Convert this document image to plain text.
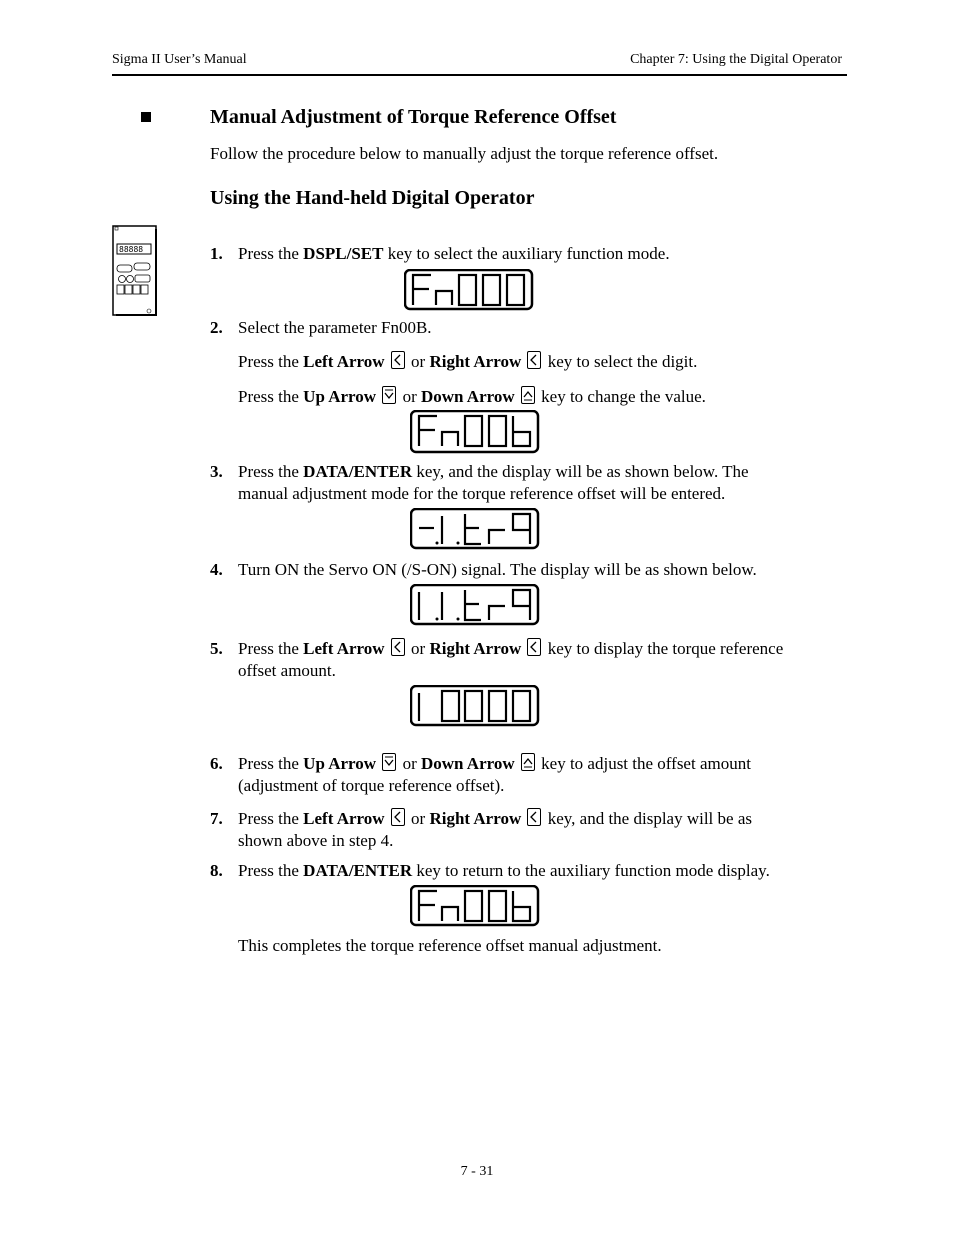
Sigma II User’s Manual	Chapter 7: Using the Digital Operator
Manual Adjustment of Torque Reference Offset
Follow the procedure below to manually adjust the torque reference offset.
Using the Hand-held Digital Operator
88888	1. Press the DSPL/SET key to select the auxiliary function mode.
2. Select the parameter Fn00B.
Press the Left Arrow
or Right Arrow
key to select the digit.
Press the Up Arrow
or Down Arrow
key to change the value.
3. Press the DATA/ENTER key, and the display will be as shown below. The
manual adjustment mode for the torque reference offset will be entered.
4. Turn ON the Servo ON (/S-ON) signal. The display will be as shown below.
5. Press the Left Arrow
or Right Arrow
key to display the torque reference
offset amount.
6. Press the Up Arrow
or Down Arrow
key to adjust the offset amount
(adjustment of torque reference offset).
7. Press the Left Arrow
or Right Arrow
key, and the display will be as
shown above in step 4.
8. Press the DATA/ENTER key to return to the auxiliary function mode display.
This completes the torque reference offset manual adjustment.
7 - 31
